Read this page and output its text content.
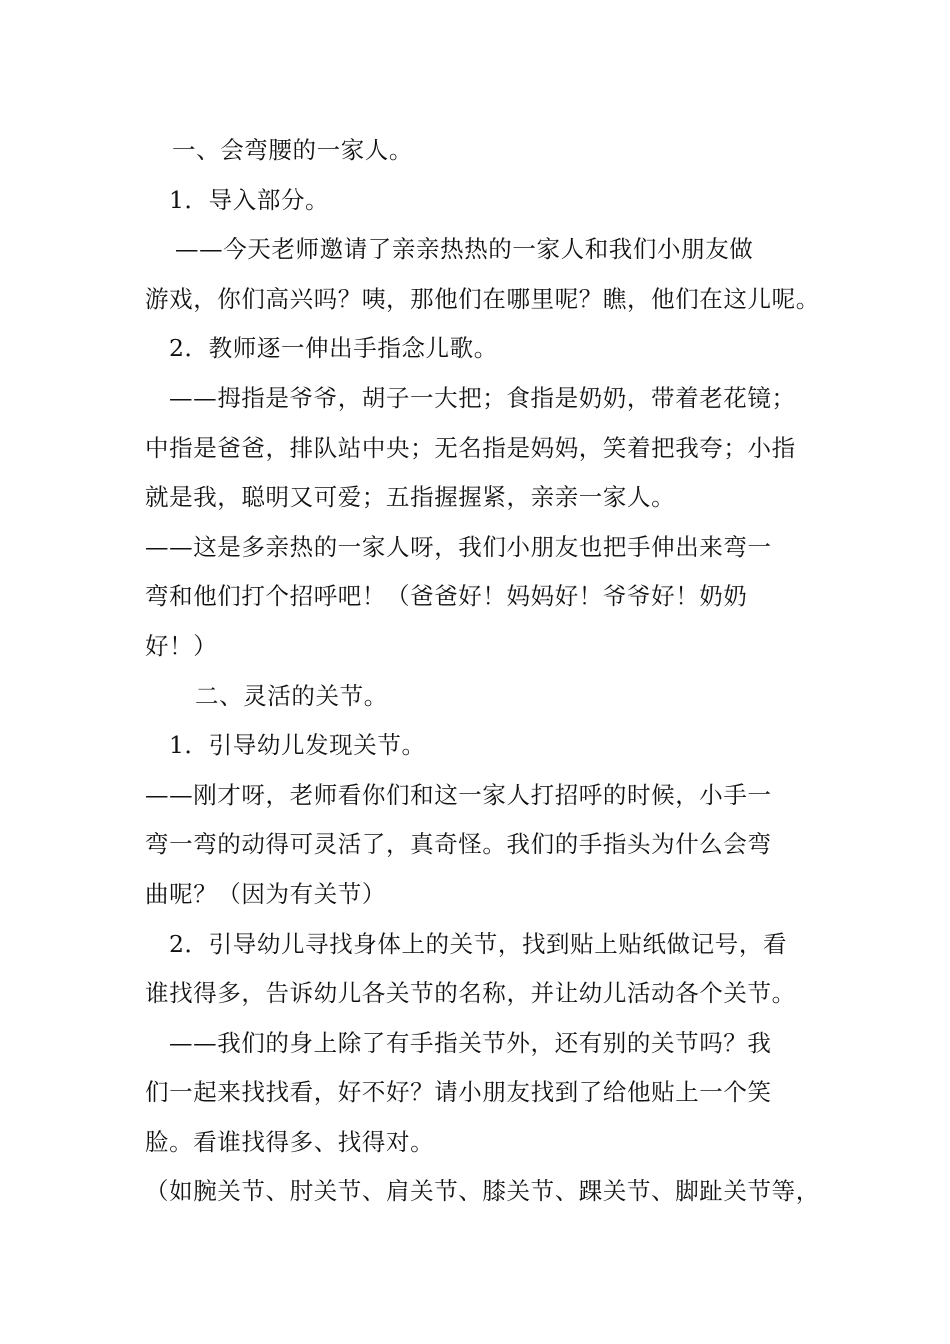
一、会弯腰的一家人。
1．导入部分。
——今天老师邀请了亲亲热热的一家人和我们小朋友做
游戏，你们高兴吗？咦，那他们在哪里呢？瞧，他们在这儿呢。
2．教师逐一伸出手指念儿歌。
——拇指是爷爷，胡子一大把；食指是奶奶，带着老花镜；
中指是爸爸，排队站中央；无名指是妈妈，笑着把我夸；小指
就是我，聪明又可爱；五指握握紧，亲亲一家人。
——这是多亲热的一家人呀，我们小朋友也把手伸出来弯一
弯和他们打个招呼吧！（爸爸好！妈妈好！爷爷好！奶奶
好！）
二、灵活的关节。
1．引导幼儿发现关节。
——刚才呀，老师看你们和这一家人打招呼的时候，小手一
弯一弯的动得可灵活了，真奇怪。我们的手指头为什么会弯
曲呢？（因为有关节）
2．引导幼儿寻找身体上的关节，找到贴上贴纸做记号，看
谁找得多，告诉幼儿各关节的名称，并让幼儿活动各个关节。
——我们的身上除了有手指关节外，还有别的关节吗？我
们一起来找找看，好不好？请小朋友找到了给他贴上一个笑
脸。看谁找得多、找得对。
（如腕关节、肘关节、肩关节、膝关节、踝关节、脚趾关节等，
